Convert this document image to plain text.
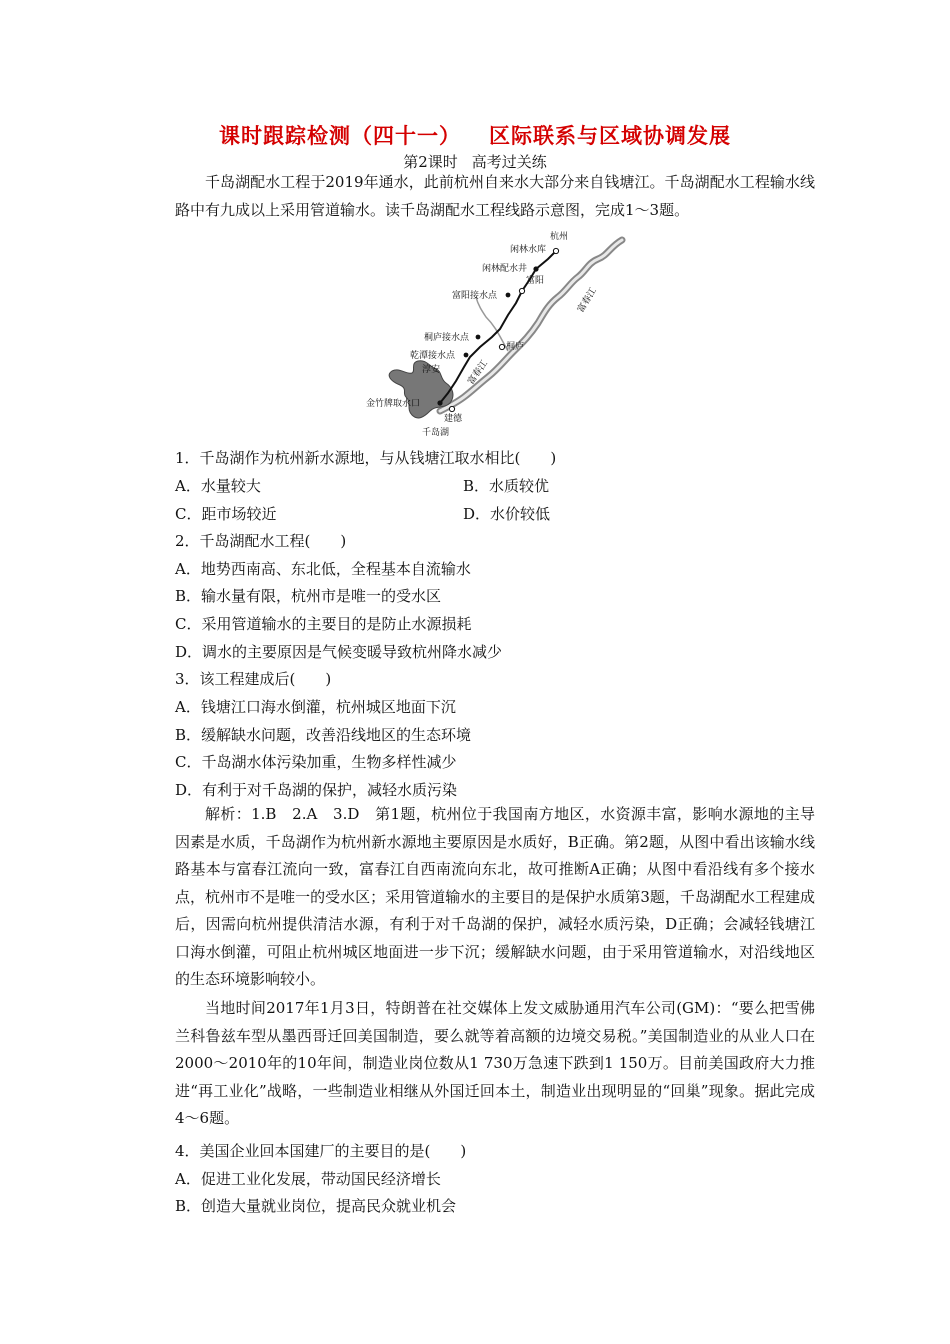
课时跟踪检测（四十一） 区际联系与区域协调发展
第2课时 高考过关练
千岛湖配水工程于2019年通水，此前杭州自来水大部分来自钱塘江。千岛湖配水工程输水线路中有九成以上采用管道输水。读千岛湖配水工程线路示意图，完成1～3题。
杭州
闲林水库
闲林配水井
富阳
富阳接水点	富春江
桐庐接水点
桐庐
乾潭接水点
淳安	富春江
金竹牌取水口
建德
千岛湖
1．千岛湖作为杭州新水源地，与从钱塘江取水相比(　　)
A．水量较大	B．水质较优
C．距市场较近	D．水价较低
2．千岛湖配水工程(　　)
A．地势西南高、东北低，全程基本自流输水
B．输水量有限，杭州市是唯一的受水区
C．采用管道输水的主要目的是防止水源损耗
D．调水的主要原因是气候变暖导致杭州降水减少
3．该工程建成后(　　)
A．钱塘江口海水倒灌，杭州城区地面下沉
B．缓解缺水问题，改善沿线地区的生态环境
C．千岛湖水体污染加重，生物多样性减少
D．有利于对千岛湖的保护，减轻水质污染
解析：1.B　2.A　3.D　第1题，杭州位于我国南方地区，水资源丰富，影响水源地的主导因素是水质，千岛湖作为杭州新水源地主要原因是水质好，B正确。第2题，从图中看出该输水线路基本与富春江流向一致，富春江自西南流向东北，故可推断A正确；从图中看沿线有多个接水点，杭州市不是唯一的受水区；采用管道输水的主要目的是保护水质第3题，千岛湖配水工程建成后，因需向杭州提供清洁水源，有利于对千岛湖的保护，减轻水质污染，D正确；会减轻钱塘江口海水倒灌，可阻止杭州城区地面进一步下沉；缓解缺水问题，由于采用管道输水，对沿线地区的生态环境影响较小。
当地时间2017年1月3日，特朗普在社交媒体上发文威胁通用汽车公司(GM)：“要么把雪佛兰科鲁兹车型从墨西哥迁回美国制造，要么就等着高额的边境交易税。”美国制造业的从业人口在2000～2010年的10年间，制造业岗位数从1 730万急速下跌到1 150万。目前美国政府大力推进“再工业化”战略，一些制造业相继从外国迁回本土，制造业出现明显的“回巢”现象。据此完成4～6题。
4．美国企业回本国建厂的主要目的是(　　)
A．促进工业化发展，带动国民经济增长
B．创造大量就业岗位，提高民众就业机会
